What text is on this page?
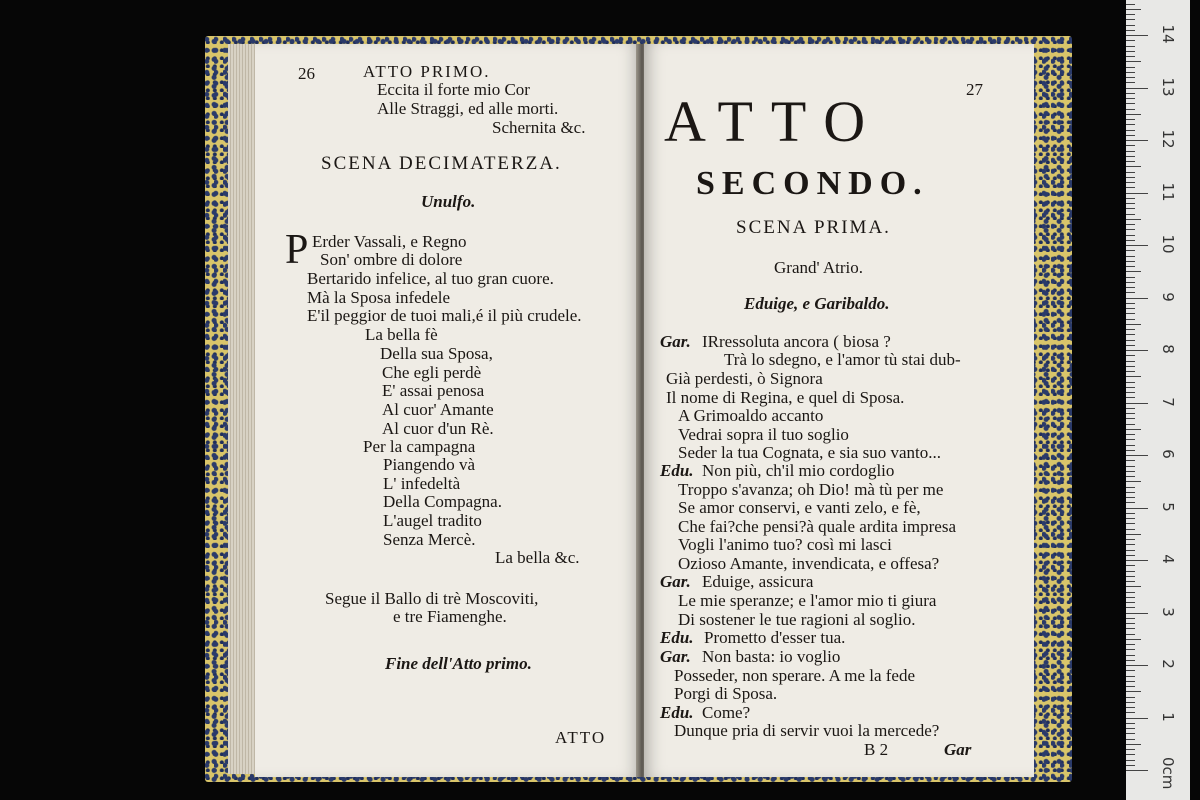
26	ATTO PRIMO.
Eccita il forte mio Cor
Alle Straggi, ed alle morti.
Schernita &c.
SCENA DECIMATERZA.
Unulfo.
P Erder Vassali, e Regno
Son' ombre di dolore
Bertarido infelice, al tuo gran cuore.
Mà la Sposa infedele
E'il peggior de tuoi mali,é il più crudele.
La bella fè
Della sua Sposa,
Che egli perdè
E' assai penosa
Al cuor' Amante
Al cuor d'un Rè.
Per la campagna
Piangendo và
L' infedeltà
Della Compagna.
L'augel tradito
Senza Mercè.
La bella &c.
Segue il Ballo di trè Moscoviti,
e tre Fiamenghe.
Fine dell'Atto primo.
ATTO
27
ATTO
SECONDO.
SCENA PRIMA.
Grand' Atrio.
Eduige, e Garibaldo.
Gar. IRressoluta ancora ( biosa ?
Trà lo sdegno, e l'amor tù stai dub-
Già perdesti, ò Signora
Il nome di Regina, e quel di Sposa.
A Grimoaldo accanto
Vedrai sopra il tuo soglio
Seder la tua Cognata, e sia suo vanto...
Edu. Non più, ch'il mio cordoglio
Troppo s'avanza; oh Dio! mà tù per me
Se amor conservi, e vanti zelo, e fè,
Che fai?che pensi?à quale ardita impresa
Vogli l'animo tuo? così mi lasci
Ozioso Amante, invendicata, e offesa?
Gar. Eduige, assicura
Le mie speranze; e l'amor mio ti giura
Di sostener le tue ragioni al soglio.
Edu. Prometto d'esser tua.
Gar. Non basta: io voglio
Posseder, non sperare. A me la fede
Porgi di Sposa.
Edu. Come?
Dunque pria di servir vuoi la mercede?
B 2	Gar
0cm
1
2
3
4
5
6
7
8
9
10
11
12
13
14
